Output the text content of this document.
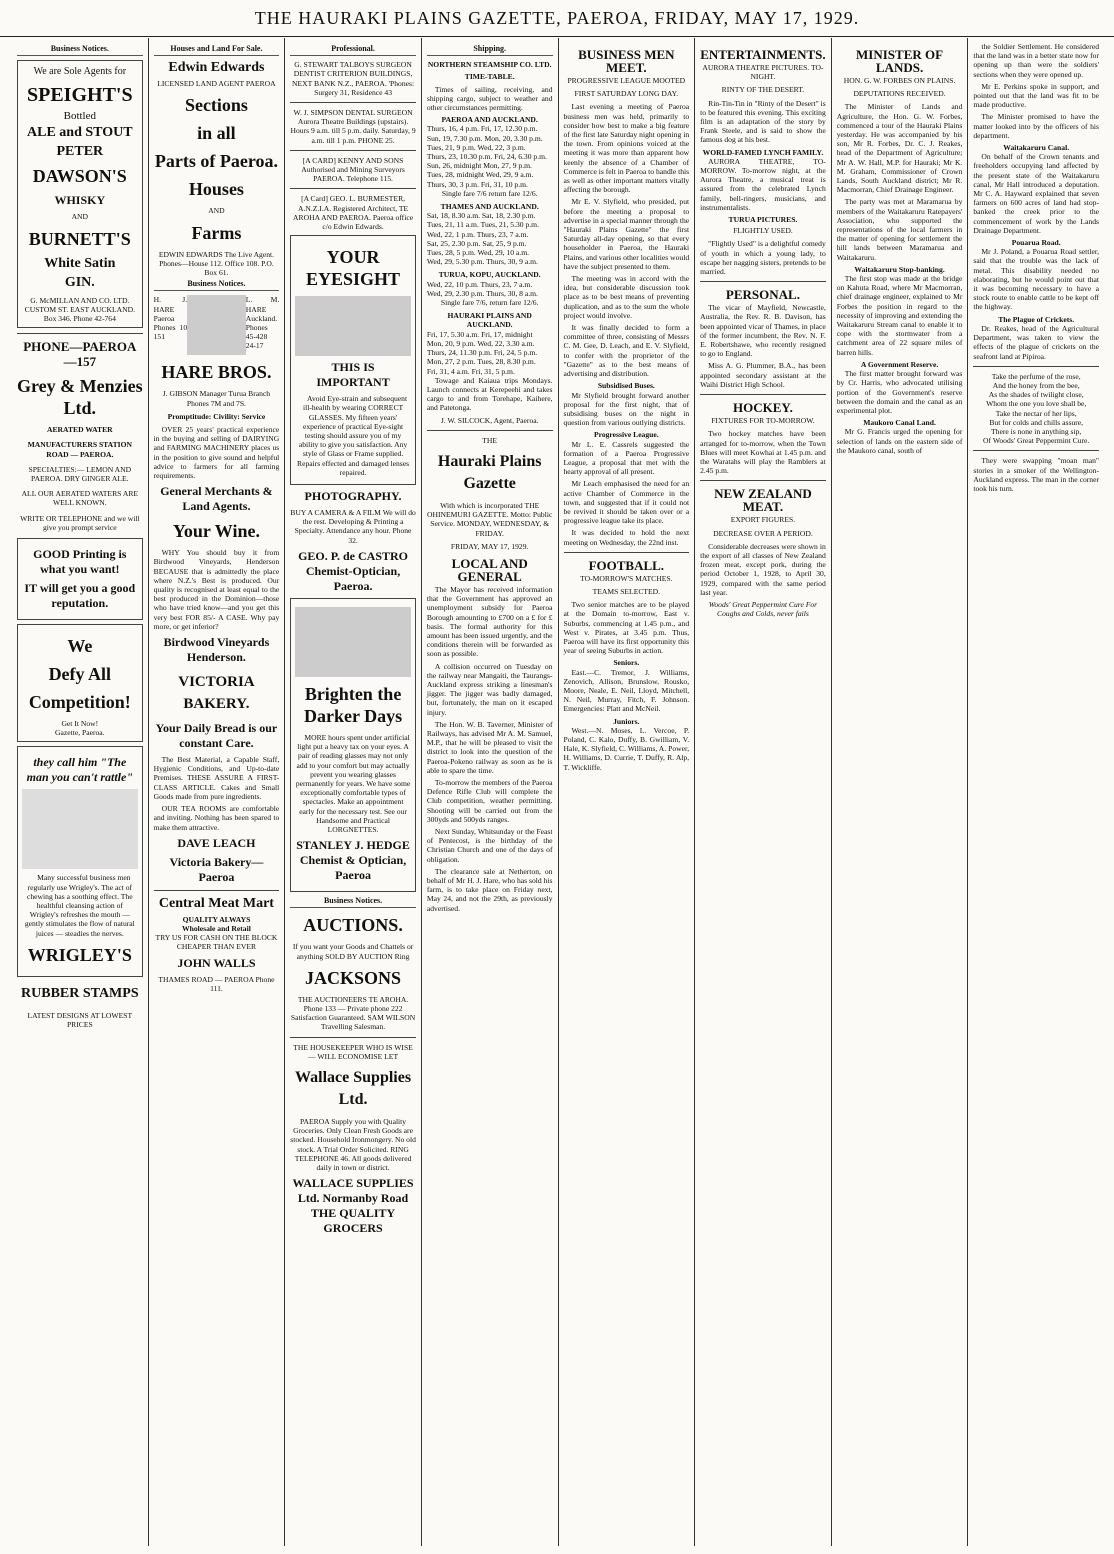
THE HAURAKI PLAINS GAZETTE, PAEROA, FRIDAY, MAY 17, 1929.
Business Notices.
We are Sole Agents for
SPEIGHT'S
Bottled
ALE and STOUT
PETER
DAWSON'S
WHISKY
AND
BURNETT'S
White Satin
GIN.
G. McMILLAN AND CO. LTD. CUSTOM ST. EAST AUCKLAND. Box 346. Phone 42-764
PHONE—PAEROA —157
Grey & Menzies Ltd.
AERATED WATER
MANUFACTURERS STATION ROAD — PAEROA.
SPECIALTIES:— LEMON AND PAEROA. DRY GINGER ALE.
ALL OUR AERATED WATERS ARE WELL KNOWN.
WRITE OR TELEPHONE and we will give you prompt service
GOOD Printing is what you want!
IT will get you a good reputation.
We
Defy All
Competition!
Get It Now!
Gazette, Paeroa.
they call him "The man you can't rattle"

Many successful business men regularly use Wrigley's. The act of chewing has a soothing effect. The healthful cleansing action of Wrigley's refreshes the mouth — gently stimulates the flow of natural juices — steadies the nerves.

WRIGLEY'S
RUBBER STAMPS
LATEST DESIGNS AT LOWEST PRICES
Houses and Land For Sale.
Edwin Edwards
LICENSED LAND AGENT PAEROA
Sections
in all
Parts of Paeroa.
Houses
AND
Farms
EDWIN EDWARDS The Live Agent. Phones—House 112. Office 108. P.O. Box 61.
Business Notices.
H. J. HARE Paeroa Phones 10 151
L. M. HARE Auckland. Phones 45-428 24-17
HARE BROS.
J. GIBSON Manager Turua Branch Phones 7M and 7S.
Promptitude: Civility: Service

OVER 25 years' practical experience in the buying and selling of DAIRYING and FARMING MACHINERY places us in the position to give sound and helpful advice to farmers for all farming requirements.

General Merchants & Land Agents.
Your Wine.

WHY You should buy it from Birdwood Vineyards, Henderson BECAUSE that is admittedly the place where N.Z.'s Best is produced. Our quality is recognised at least equal to the best produced in the Dominion—those who have tried know—and you get this very best FOR 85/- A CASE. Why pay more, or get inferior?

Birdwood Vineyards Henderson.
VICTORIA BAKERY.
Your Daily Bread is our constant Care.

The Best Material, a Capable Staff, Hygienic Conditions, and Up-to-date Premises. THESE ASSURE A FIRST-CLASS ARTICLE. Cakes and Small Goods made from pure ingredients.

OUR TEA ROOMS are comfortable and inviting. Nothing has been spared to make them attractive.

DAVE LEACH
Victoria Bakery—Paeroa
Central Meat Mart
QUALITY ALWAYS
Wholesale and Retail
TRY US FOR CASH ON THE BLOCK CHEAPER THAN EVER
JOHN WALLS
THAMES ROAD — PAEROA Phone 111.
Professional.
G. STEWART TALBOYS SURGEON DENTIST CRITERION BUILDINGS, NEXT BANK N.Z., PAEROA. 'Phones: Surgery 31, Residence 43
W. J. SIMPSON DENTAL SURGEON Aurora Theatre Buildings (upstairs). Hours 9 a.m. till 5 p.m. daily. Saturday, 9 a.m. till 1 p.m. PHONE 25.
[A CARD] KENNY AND SONS Authorised and Mining Surveyors PAEROA. Telephone 115.
[A Card] GEO. L. BURMESTER, A.N.Z.I.A. Registered Architect, TE AROHA AND PAEROA. Paeroa office c/o Edwin Edwards.
YOUR EYESIGHT
THIS IS IMPORTANT

Avoid Eye-strain and subsequent ill-health by wearing CORRECT GLASSES. My fifteen years' experience of practical Eye-sight testing should assure you of my ability to give you satisfaction. Any style of Glass or Frame supplied. Repairs effected and damaged lenses repaired.

PHOTOGRAPHY.
BUY A CAMERA & A FILM We will do the rest. Developing & Printing a Specialty. Attendance any hour. Phone 32.
GEO. P. de CASTRO Chemist-Optician, Paeroa.
Brighten the Darker Days

MORE hours spent under artificial light put a heavy tax on your eyes. A pair of reading glasses may not only add to your comfort but may actually prevent you wearing glasses permanently for years. We have some exceptionally comfortable types of spectacles. Make an appointment early for the necessary test. See our Handsome and Practical LORGNETTES.

STANLEY J. HEDGE Chemist & Optician, Paeroa
Business Notices.
AUCTIONS.
If you want your Goods and Chattels or anything SOLD BY AUCTION Ring
JACKSONS
THE AUCTIONEERS TE AROHA. Phone 133 — Private phone 222 Satisfaction Guaranteed. SAM WILSON Travelling Salesman.
THE HOUSEKEEPER WHO IS WISE— WILL ECONOMISE LET
Wallace Supplies Ltd.
PAEROA Supply you with Quality Groceries. Only Clean Fresh Goods are stocked. Household Ironmongery. No old stock. A Trial Order Solicited. RING TELEPHONE 46. All goods delivered daily in town or district.
WALLACE SUPPLIES Ltd. Normanby Road THE QUALITY GROCERS
Shipping.
NORTHERN STEAMSHIP CO. LTD.
TIME-TABLE.

Times of sailing, receiving, and shipping cargo, subject to weather and other circumstances permitting.

PAEROA AND AUCKLAND.
Thurs, 16, 4 p.m. Fri, 17, 12.30 p.m.
Sun, 19, 7.30 p.m. Mon, 20, 3.30 p.m.
Tues, 21, 9 p.m. Wed, 22, 3 p.m.
Thurs, 23, 10.30 p.m. Fri, 24, 6.30 p.m.
Sun, 26, midnight Mon, 27, 9 p.m.
Tues, 28, midnight Wed, 29, 9 a.m.
Thurs, 30, 3 p.m. Fri, 31, 10 p.m.
Single fare 7/6 return fare 12/6.
THAMES AND AUCKLAND.
Sat, 18, 8.30 a.m. Sat, 18, 2.30 p.m.
Tues, 21, 11 a.m. Tues, 21, 5.30 p.m.
Wed, 22, 1 p.m. Thurs, 23, 7 a.m.
Sat, 25, 2.30 p.m. Sat, 25, 9 p.m.
Tues, 28, 5 p.m. Wed, 29, 10 a.m.
Wed, 29, 5.30 p.m. Thurs, 30, 9 a.m.
TURUA, KOPU, AUCKLAND.
Wed, 22, 10 p.m. Thurs, 23, 7 a.m.
Wed, 29, 2.30 p.m. Thurs, 30, 8 a.m.
Single fare 7/6, return fare 12/6.
HAURAKI PLAINS AND AUCKLAND.
Fri, 17, 5.30 a.m. Fri, 17, midnight
Mon, 20, 9 p.m. Wed, 22, 3.30 a.m.
Thurs, 24, 11.30 p.m. Fri, 24, 5 p.m.
Mon, 27, 2 p.m. Tues, 28, 8.30 p.m.
Fri, 31, 4 a.m. Fri, 31, 5 p.m.

Towage and Kaiaua trips Mondays. Launch connects at Kerepeehi and takes cargo to and from Torehape, Kaihere, and Patetonga.

J. W. SILCOCK, Agent, Paeroa.
THE
Hauraki Plains Gazette
With which is incorporated THE OHINEMURI GAZETTE. Motto: Public Service. MONDAY, WEDNESDAY, & FRIDAY.
FRIDAY, MAY 17, 1929.
LOCAL AND GENERAL

The Mayor has received information that the Government has approved an unemployment subsidy for Paeroa Borough amounting to £700 on a £ for £ basis. The formal authority for this amount has been issued urgently, and the conditions therein will be forwarded as soon as possible.

A collision occurred on Tuesday on the railway near Mangaiti, the Taurangs-Auckland express striking a linesman's jigger. The jigger was badly damaged, but, fortunately, the man on it escaped injury.

The Hon. W. B. Taverner, Minister of Railways, has advised Mr A. M. Samuel, M.P., that he will be pleased to visit the district to look into the question of the Paeroa-Pokeno railway as soon as he is able to spare the time.

To-morrow the members of the Paeroa Defence Rifle Club will complete the Club competition, weather permitting. Shooting will be carried out from the 300yds and 500yds ranges.

Next Sunday, Whitsunday or the Feast of Pentecost, is the birthday of the Christian Church and one of the days of obligation.

The clearance sale at Netherton, on behalf of Mr H. J. Hare, who has sold his farm, is to take place on Friday next, May 24, and not the 29th, as previously advertised.

BUSINESS MEN MEET.
PROGRESSIVE LEAGUE MOOTED
FIRST SATURDAY LONG DAY.

Last evening a meeting of Paeroa business men was held, primarily to consider how best to make a big feature of the first late Saturday night opening in the town. From opinions voiced at the meeting it was more than apparent how keenly the absence of a Chamber of Commerce is felt in Paeroa to handle this as well as other important matters vitally affecting the borough.

Mr E. V. Slyfield, who presided, put before the meeting a proposal to advertise in a special manner through the "Hauraki Plains Gazette" the first Saturday all-day opening, so that every householder in Paeroa, the Hauraki Plains, and various other localities would have the subject presented to them.

The meeting was in accord with the idea, but considerable discussion took place as to be best means of preventing duplication, and as to the sum the whole project would involve.

It was finally decided to form a committee of three, consisting of Messrs C. M. Gee, D. Leach, and E. V. Slyfield, to confer with the proprietor of the "Gazette" as to the best means of advertising and distribution.

Subsidised Buses.

Mr Slyfield brought forward another proposal for the first night, that of subsidising buses on the night in question from various outlying districts.

Progressive League.

Mr L. E. Cassrels suggested the formation of a Paeroa Progressive League, a proposal that met with the hearty approval of all present.

Mr Leach emphasised the need for an active Chamber of Commerce in the town, and suggested that if it could not be revived it should be taken over or a progressive league take its place.

It was decided to hold the next meeting on Wednesday, the 22nd inst.

FOOTBALL.
TO-MORROW'S MATCHES.
TEAMS SELECTED.

Two senior matches are to be played at the Domain to-morrow, East v. Suburbs, commencing at 1.45 p.m., and West v. Pirates, at 3.45 p.m. Thus, Paeroa will have its first opportunity this year of seeing Suburbs in action.

Seniors.

East.—C. Tremor, J. Williams, Zenovich, Allison, Brunslow, Rousko, Moore, Neale, E. Neil, Lloyd, Mitchell, N. Neil, Murray, Fitch, F. Johnson. Emergencies: Platt and McNeil.

Juniors.

West.—N. Moses, L. Vercoe, P. Poland, C. Kalo, Duffy, B. Gwilliam, V. Hale, K. Slyfield, C. Williams, A. Power, H. Williams, D. Currie, T. Duffy, R. Alp, T. Wickliffe.

ENTERTAINMENTS.
AURORA THEATRE PICTURES. TO-NIGHT.
RINTY OF THE DESERT.

Rin-Tin-Tin in "Rinty of the Desert" is to be featured this evening. This exciting film is an adaptation of the story by Frank Steele, and is said to show the famous dog at his best.

WORLD-FAMED LYNCH FAMILY.

AURORA THEATRE, TO-MORROW. To-morrow night, at the Aurora Theatre, a musical treat is assured from the celebrated Lynch family, bell-ringers, musicians, and instrumentalists.

TURUA PICTURES.
FLIGHTLY USED.

"Flightly Used" is a delightful comedy of youth in which a young lady, to escape her nagging sisters, pretends to be married.

PERSONAL.

The vicar of Mayfield, Newcastle, Australia, the Rev. R. B. Davison, has been appointed vicar of Thames, in place of the former incumbent, the Rev. N. F. E. Robertshawe, who recently resigned to go to England.

Miss A. G. Plummer, B.A., has been appointed secondary assistant at the Waihi District High School.

HOCKEY.
FIXTURES FOR TO-MORROW.

Two hockey matches have been arranged for to-morrow, when the Town Blues will meet Kowhai at 1.45 p.m. and the Waratahs will play the Ramblers at 2.45 p.m.

NEW ZEALAND MEAT.
EXPORT FIGURES.
DECREASE OVER A PERIOD.

Considerable decreases were shown in the export of all classes of New Zealand frozen meat, except pork, during the period October 1, 1928, to April 30, 1929, compared with the same period last year.

Woods' Great Peppermint Cure For Coughs and Colds, never fails
MINISTER OF LANDS.
HON. G. W. FORBES ON PLAINS.
DEPUTATIONS RECEIVED.

The Minister of Lands and Agriculture, the Hon. G. W. Forbes, commenced a tour of the Hauraki Plains yesterday. He was accompanied by his son, Mr R. Forbes, Dr. C. J. Reakes, head of the Department of Agriculture; Mr A. W. Hall, M.P. for Hauraki; Mr K. M. Graham, Commissioner of Crown Lands, South Auckland district; Mr R. Macmorran, Chief Drainage Engineer.

The party was met at Maramarua by members of the Waitakaruru Ratepayers' Association, who supported the representations of the local farmers in the matter of opening for settlement the hill lands between Maramarua and Waitakaruru.

Waitakaruru Stop-banking.

The first stop was made at the bridge on Kahuta Road, where Mr Macmorran, chief drainage engineer, explained to Mr Forbes the position in regard to the necessity of improving and extending the Waitakaruru Stream canal to enable it to cope with the stormwater from a catchment area of 22 square miles of barren hills.

A Government Reserve.

The first matter brought forward was by Cr. Harris, who advocated utilising portion of the Government's reserve between the domain and the canal as an experimental plot.

Maukoro Canal Land.

Mr G. Francis urged the opening for selection of lands on the eastern side of the Maukoro canal, south of

the Soldier Settlement. He considered that the land was in a better state now for opening up than were the soldiers' sections when they were opened up.

Mr E. Perkins spoke in support, and pointed out that the land was fit to be made productive.

The Minister promised to have the matter looked into by the officers of his department.

Waitakaruru Canal.

On behalf of the Crown tenants and freeholders occupying land affected by the present state of the Waitakaruru canal, Mr Hall introduced a deputation. Mr C. A. Hayward explained that seven farmers on 600 acres of land had stop-banked the creek prior to the commencement of work by the Lands Drainage Department.

Pouarua Road.

Mr J. Poland, a Pouarua Road settler, said that the trouble was the lack of metal. This disability needed no elaborating, but he would point out that it was becoming necessary to have a stock route to enable cattle to be kept off the highway.

The Plague of Crickets.

Dr. Reakes, head of the Agricultural Department, was taken to view the effects of the plague of crickets on the seafront land at Pipiroa.

Take the perfume of the rose,
And the honey from the bee,
As the shades of twilight close,
Whom the one you love shall be,
Take the nectar of her lips,
But for colds and chills assure,
There is none in anything sip,
Of Woods' Great Peppermint Cure.

They were swapping "moan man" stories in a smoker of the Wellington-Auckland express. The man in the corner took his turn.
